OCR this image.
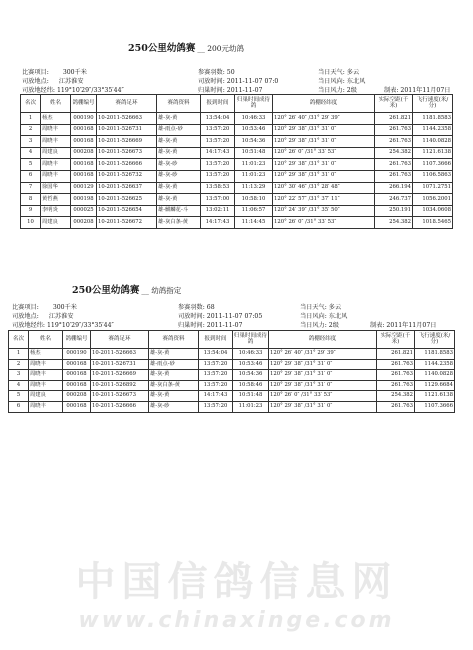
250公里幼鸽赛 __ 200元幼鸽
比赛项目: 300千米	参赛羽数: 50	当日天气: 多云
司放地点: 江苏淮安	司放时间: 2011-11-07 07:0	当日风向: 东北风
司放地经纬: 119°10′29″/33°35′44″	归巢时间: 2011-11-07	当日风力: 2级	制表: 2011年11月07日
名次	姓名	鸽棚编号	赛鸽足环	赛鸽资料	报到时间	归巢时间成待鸽	鸽棚经纬度	实际空距(千米)	飞行速度(米/分)
1	杨杰	000190	10-2011-526663	雄-灰-黄	13:54:04	10:46:33	120° 26′ 40″ /31° 29′ 39″	261.821	1181.8583
2	周晓丰	000168	10-2011-526731	雄-雨点-砂	13:57:20	10:53:46	120° 29′ 38″ /31° 31′ 0″	261.763	1144.2358
3	周晓丰	000168	10-2011-526669	雄-灰-黄	13:57:20	10:54:36	120° 29′ 38″ /31° 31′ 0″	261.763	1140.0828
4	周建良	000208	10-2011-526673	雄-灰-黄	14:17:43	10:51:48	120° 26′ 0″ /31° 33′ 53″	254.382	1121.6138
5	周晓丰	000168	10-2011-526666	雄-灰-砂	13:57:20	11:01:23	120° 29′ 38″ /31° 31′ 0″	261.763	1107.3666
6	周晓丰	000168	10-2011-526732	雄-灰-砂	13:57:20	11:01:23	120° 29′ 38″ /31° 31′ 0″	261.763	1106.5863
7	徐国华	000129	10-2011-526637	雄-灰-黄	13:58:53	11:13:29	120° 30′ 46″ /31° 28′ 48″	266.194	1071.2751
8	黄哲燕	000198	10-2011-526625	雄-灰-黄	13:57:00	10:58:10	120° 22′ 57″ /31° 37′ 11″	246.737	1056.2001
9	李明炎	000025	10-2011-526654	雄-麒麟花-斗	13:02:11	11:06:57	120° 24′ 39″ /31° 35′ 50″	250.191	1034.0608
10	周建良	000208	10-2011-526672	雄-灰白条-黄	14:17:43	11:14:45	120° 26′ 0″ /31° 33′ 53″	254.382	1018.5465
250公里幼鸽赛 __ 幼鸽指定
比赛项目: 300千米	参赛羽数: 68	当日天气: 多云
司放地点: 江苏淮安	司放时间: 2011-11-07 07:05	当日风向: 东北风
司放地经纬: 119°10′29″/33°35′44″	归巢时间: 2011-11-07	当日风力: 2级	制表: 2011年11月07日
名次	姓名	鸽棚编号	赛鸽足环	赛鸽资料	报到时间	归巢时间成待鸽	鸽棚经纬度	实际空距(千米)	飞行速度(米/分)
1	杨杰	000190	10-2011-526663	雄-灰-黄	13:54:04	10:46:33	120° 26′ 40″ /31° 29′ 39″	261.821	1181.8583
2	周晓丰	000168	10-2011-526731	雄-雨点-砂	13:57:20	10:53:46	120° 29′ 38″ /31° 31′ 0″	261.763	1144.2358
3	周晓丰	000168	10-2011-526669	雄-灰-黄	13:57:20	10:54:36	120° 29′ 38″ /31° 31′ 0″	261.763	1140.0828
4	周晓丰	000168	10-2011-526892	雄-灰白条-黄	13:57:20	10:58:46	120° 29′ 38″ /31° 31′ 0″	261.763	1129.6684
5	周建良	000208	10-2011-526673	雄-灰-黄	14:17:43	10:51:48	120° 26′ 0″ /31° 33′ 53″	254.382	1121.6138
6	周晓丰	000168	10-2011-526666	雄-灰-砂	13:57:20	11:01:23	120° 29′ 38″ /31° 31′ 0″	261.763	1107.3666
中国信鸽信息网
www.chinaxinge.com
